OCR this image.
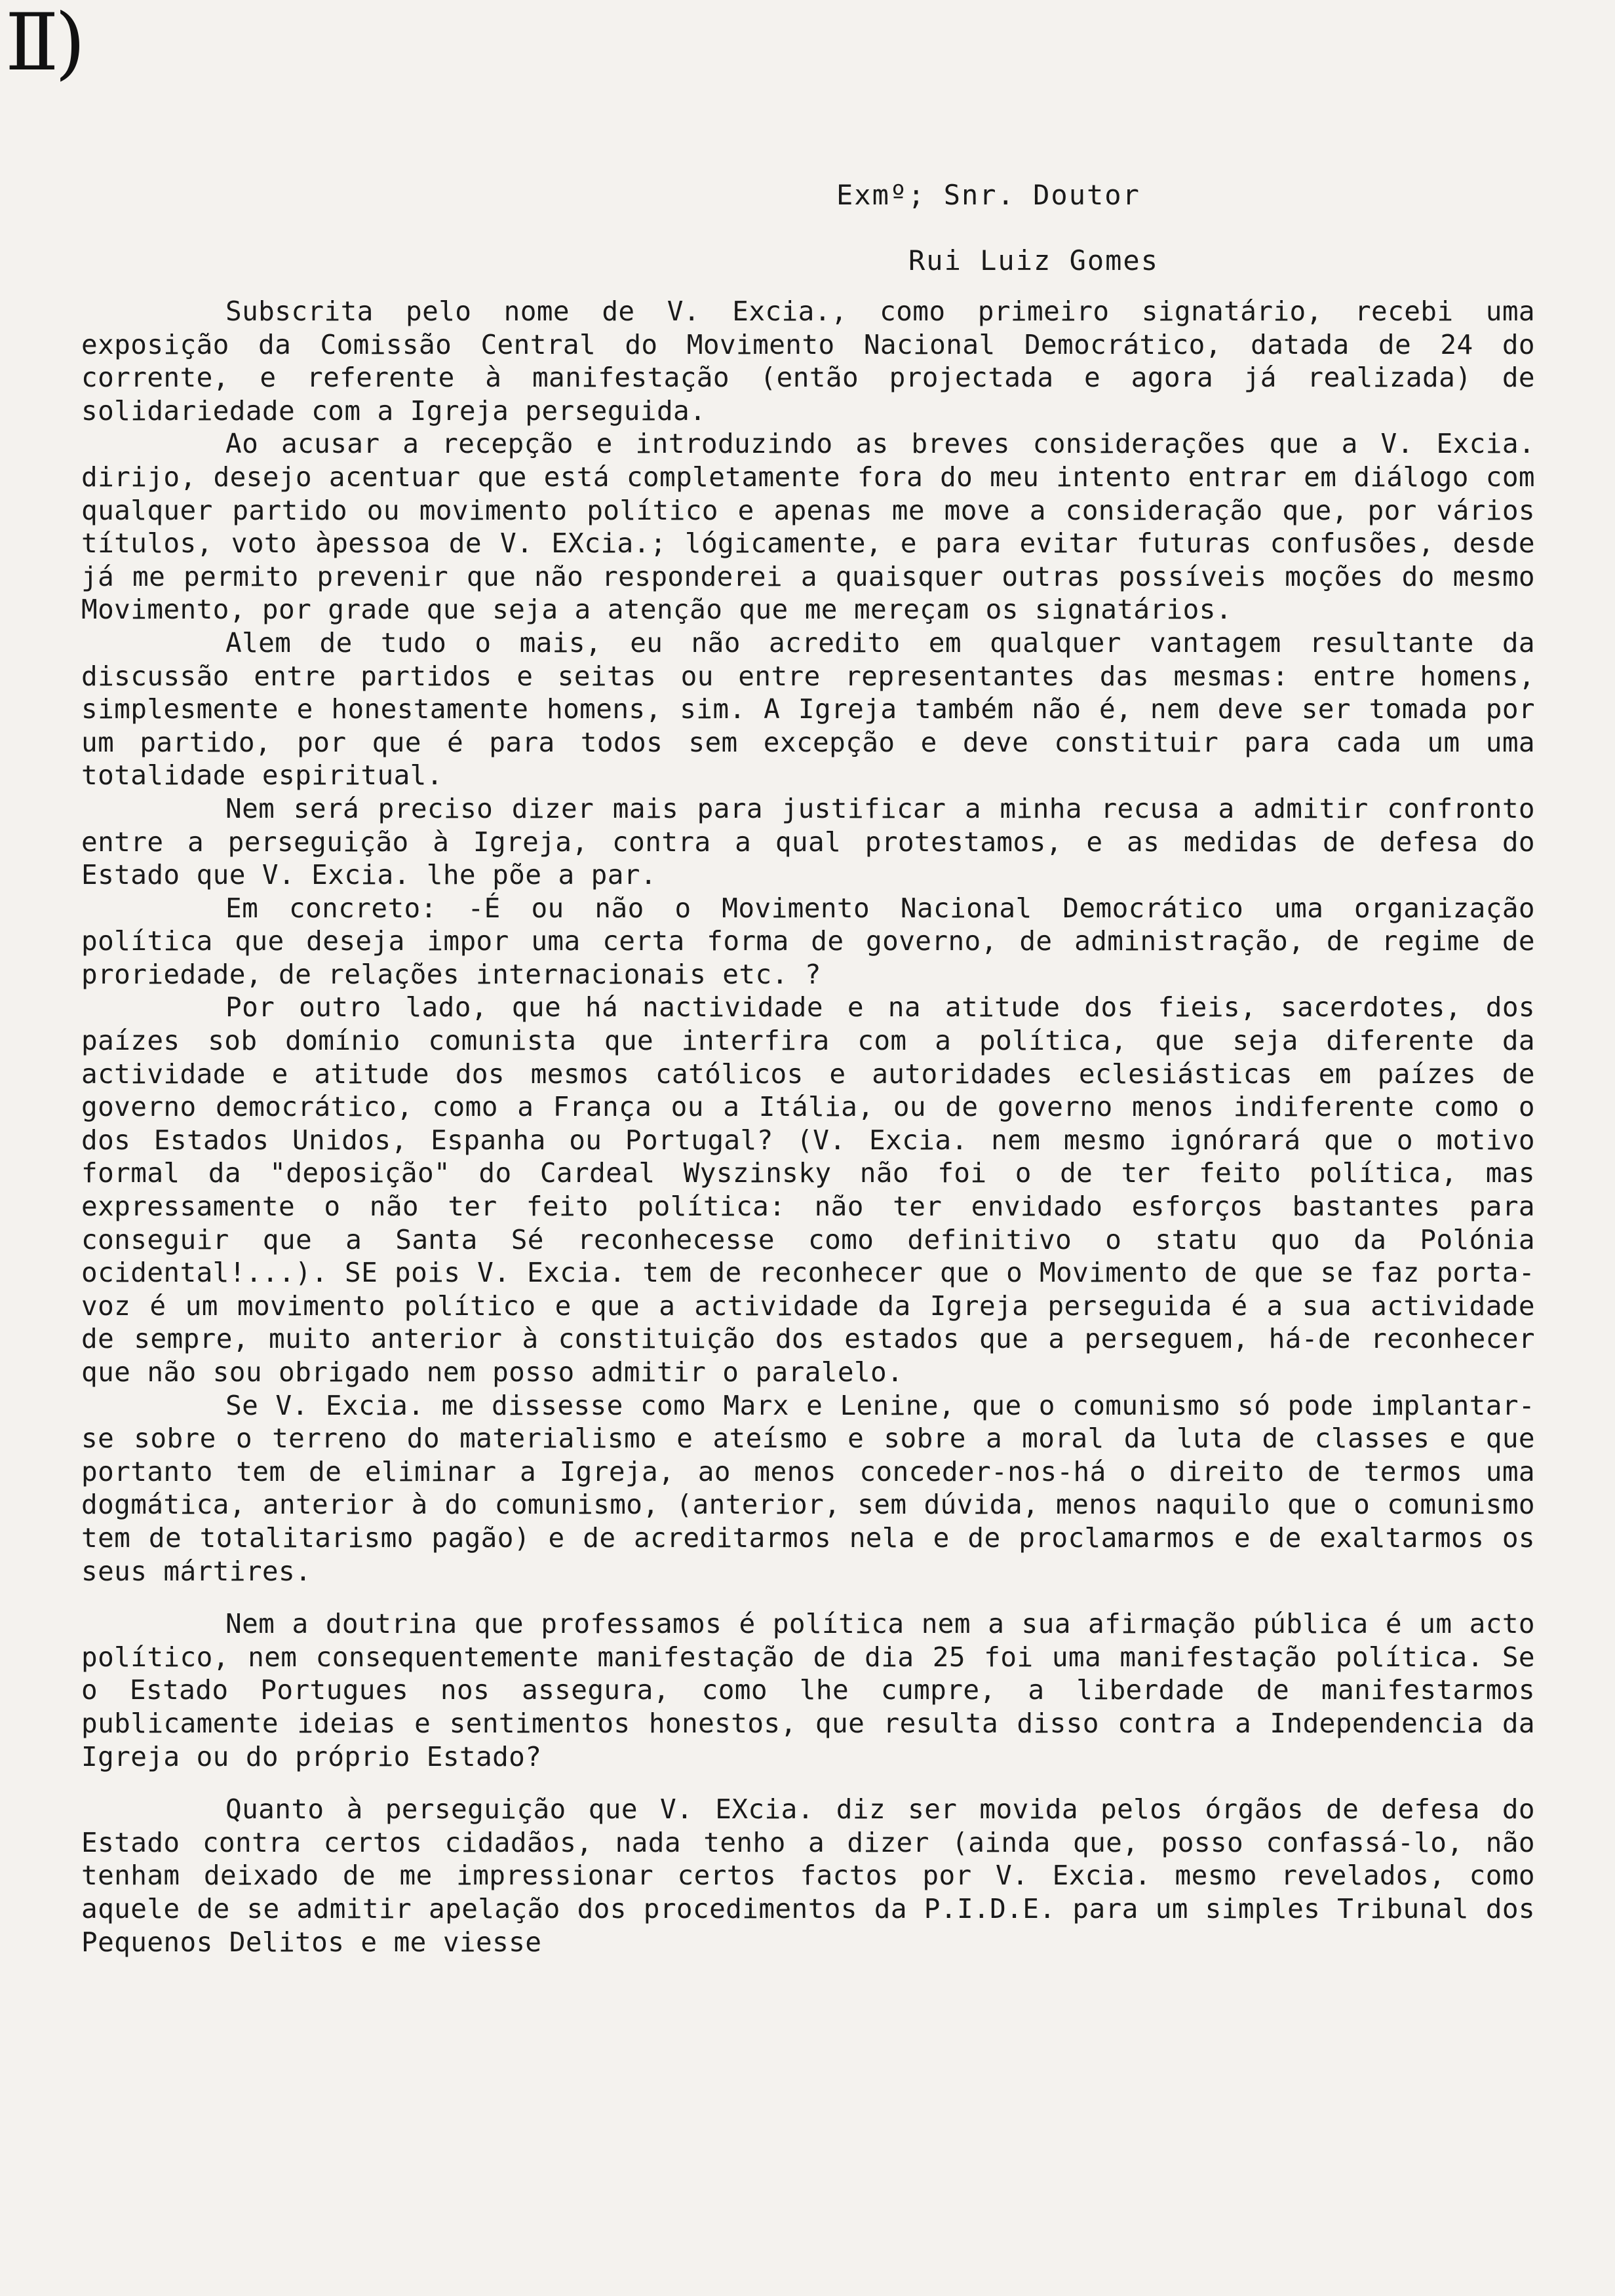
Ⅱ)
Exmº; Snr. Doutor
Rui Luiz Gomes

Subscrita pelo nome de V. Excia., como primeiro signatário, recebi uma exposição da Comissão Central do Movimento Nacional Democrático, datada de 24 do corrente, e referente à manifestação (então projectada e agora já realizada) de solidariedade com a Igreja perseguida.

Ao acusar a recepção e introduzindo as breves considerações que a V. Excia. dirijo, desejo acentuar que está completamente fora do meu intento entrar em diálogo com qualquer partido ou movimento político e apenas me move a consideração que, por vários títulos, voto àpessoa de V. EXcia.; lógicamente, e para evitar futuras confusões, desde já me permito prevenir que não responderei a quaisquer outras possíveis moções do mesmo Movimento, por grade que seja a atenção que me mereçam os signatários.

Alem de tudo o mais, eu não acredito em qualquer vantagem resultante da discussão entre partidos e seitas ou entre representantes das mesmas: entre homens, simplesmente e honestamente homens, sim. A Igreja também não é, nem deve ser tomada por um partido, por que é para todos sem excepção e deve constituir para cada um uma totalidade espiritual.

Nem será preciso dizer mais para justificar a minha recusa a admitir confronto entre a perseguição à Igreja, contra a qual protestamos, e as medidas de defesa do Estado que V. Excia. lhe põe a par.

Em concreto: -É ou não o Movimento Nacional Democrático uma organização política que deseja impor uma certa forma de governo, de administração, de regime de proriedade, de relações internacionais etc. ?

Por outro lado, que há nactividade e na atitude dos fieis, sacerdotes, dos paízes sob domínio comunista que interfira com a política, que seja diferente da actividade e atitude dos mesmos católicos e autoridades eclesiásticas em paízes de governo democrático, como a França ou a Itália, ou de governo menos indiferente como o dos Estados Unidos, Espanha ou Portugal? (V. Excia. nem mesmo ignórará que o motivo formal da "deposição" do Cardeal Wyszinsky não foi o de ter feito política, mas expressamente o não ter feito política: não ter envidado esforços bastantes para conseguir que a Santa Sé reconhecesse como definitivo o statu quo da Polónia ocidental!...). SE pois V. Excia. tem de reconhecer que o Movimento de que se faz porta-voz é um movimento político e que a actividade da Igreja perseguida é a sua actividade de sempre, muito anterior à constituição dos estados que a perseguem, há-de reconhecer que não sou obrigado nem posso admitir o paralelo.

Se V. Excia. me dissesse como Marx e Lenine, que o comunismo só pode implantar-se sobre o terreno do materialismo e ateísmo e sobre a moral da luta de classes e que portanto tem de eliminar a Igreja, ao menos conceder-nos-há o direito de termos uma dogmática, anterior à do comunismo, (anterior, sem dúvida, menos naquilo que o comunismo tem de totalitarismo pagão) e de acreditarmos nela e de proclamarmos e de exaltarmos os seus mártires.

Nem a doutrina que professamos é política nem a sua afirmação pública é um acto político, nem consequentemente manifestação de dia 25 foi uma manifestação política. Se o Estado Portugues nos assegura, como lhe cumpre, a liberdade de manifestarmos publicamente ideias e sentimentos honestos, que resulta disso contra a Independencia da Igreja ou do próprio Estado?

Quanto à perseguição que V. EXcia. diz ser movida pelos órgãos de defesa do Estado contra certos cidadãos, nada tenho a dizer (ainda que, posso confassá-lo, não tenham deixado de me impressionar certos factos por V. Excia. mesmo revelados, como aquele de se admitir apelação dos procedimentos da P.I.D.E. para um simples Tribunal dos Pequenos Delitos e me viesse
